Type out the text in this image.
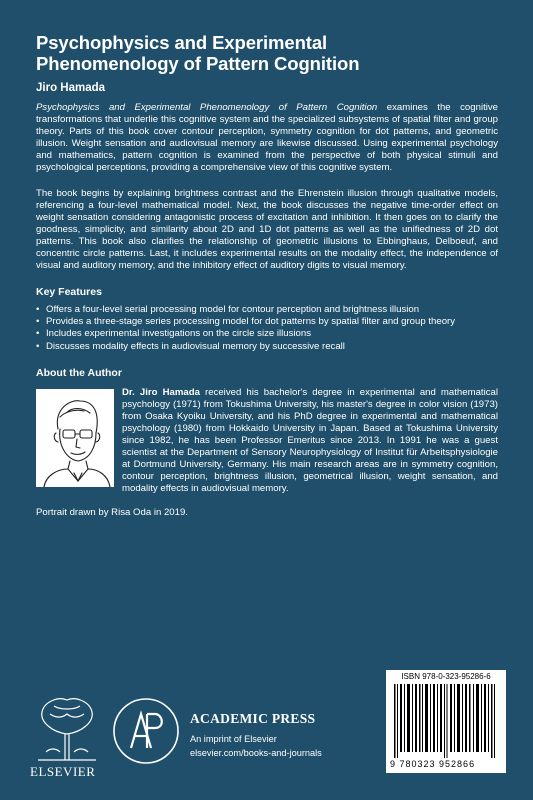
Psychophysics and Experimental
Phenomenology of Pattern Cognition
Jiro Hamada
Psychophysics and Experimental Phenomenology of Pattern Cognition examines the cognitive transformations that underlie this cognitive system and the specialized subsystems of spatial filter and group theory. Parts of this book cover contour perception, symmetry cognition for dot patterns, and geometric illusion. Weight sensation and audiovisual memory are likewise discussed. Using experimental psychology and mathematics, pattern cognition is examined from the perspective of both physical stimuli and psychological perceptions, providing a comprehensive view of this cognitive system.
The book begins by explaining brightness contrast and the Ehrenstein illusion through qualitative models, referencing a four-level mathematical model. Next, the book discusses the negative time-order effect on weight sensation considering antagonistic process of excitation and inhibition. It then goes on to clarify the goodness, simplicity, and similarity about 2D and 1D dot patterns as well as the unifiedness of 2D dot patterns. This book also clarifies the relationship of geometric illusions to Ebbinghaus, Delboeuf, and concentric circle patterns. Last, it includes experimental results on the modality effect, the independence of visual and auditory memory, and the inhibitory effect of auditory digits to visual memory.
Key Features
• Offers a four-level serial processing model for contour perception and brightness illusion
• Provides a three-stage series processing model for dot patterns by spatial filter and group theory
• Includes experimental investigations on the circle size illusions
• Discusses modality effects in audiovisual memory by successive recall
About the Author
Dr. Jiro Hamada received his bachelor's degree in experimental and mathematical psychology (1971) from Tokushima University, his master's degree in color vision (1973) from Osaka Kyoiku University, and his PhD degree in experimental and mathematical psychology (1980) from Hokkaido University in Japan. Based at Tokushima University since 1982, he has been Professor Emeritus since 2013. In 1991 he was a guest scientist at the Department of Sensory Neurophysiology of Institut für Arbeitsphysiologie at Dortmund University, Germany. His main research areas are in symmetry cognition, contour perception, brightness illusion, geometrical illusion, weight sensation, and modality effects in audiovisual memory.
Portrait drawn by Risa Oda in 2019.
ISBN 978-0-323-95286-6
9 780323 952866
ELSEVIER
ACADEMIC PRESS
An imprint of Elsevier
elsevier.com/books-and-journals
